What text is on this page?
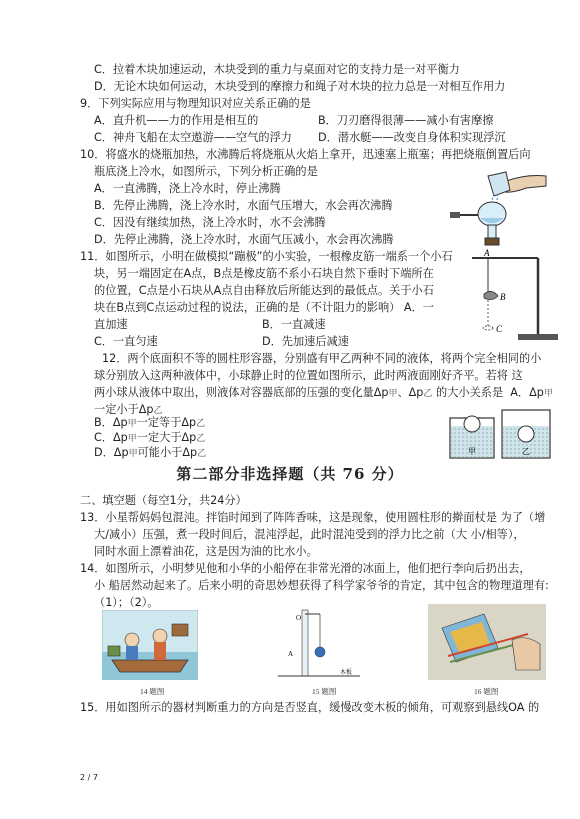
C．拉着木块加速运动，木块受到的重力与桌面对它的支持力是一对平衡力
D．无论木块如何运动，木块受到的摩擦力和绳子对木块的拉力总是一对相互作用力
9．下列实际应用与物理知识对应关系正确的是
A．直升机——力的作用是相互的	B．刀刃磨得很薄——减小有害摩擦
C．神舟飞船在太空遨游——空气的浮力 D．潜水艇——改变自身体积实现浮沉
10．将盛水的烧瓶加热，水沸腾后将烧瓶从火焰上拿开，迅速塞上瓶塞；再把烧瓶倒置后向
瓶底浇上冷水，如图所示，下列分析正确的是
A．一直沸腾，浇上冷水时，停止沸腾
B．先停止沸腾，浇上冷水时，水面气压增大，水会再次沸腾
C．因没有继续加热，浇上冷水时，水不会沸腾
D．先停止沸腾，浇上冷水时，水面气压减小，水会再次沸腾
11．如图所示，小明在做模拟“蹦极”的小实验，一根橡皮筋一端系一个小石
块，另一端固定在A点，B点是橡皮筋不系小石块自然下垂时下端所在
的位置，C点是小石块从A点自由释放后所能达到的最低点。关于小石
块在B点到C点运动过程的说法，正确的是（不计阻力的影响） A．一
直加速	B．一直减速
C．一直匀速	D．先加速后减速
A
B
C
12．两个底面积不等的圆柱形容器，分别盛有甲乙两种不同的液体，将两个完全相同的小
球分别放入这两种液体中，小球静止时的位置如图所示，此时两液面刚好齐平。若将 这
两小球从液体中取出，则液体对容器底部的压强的变化量Δp甲、Δp乙 的大小关系是 A．Δp甲
一定小于Δp乙
B．Δp甲一定等于Δp乙
C．Δp甲一定大于Δp乙
D．Δp甲可能小于Δp乙	甲	乙
第二部分非选择题（共 76 分）
二、填空题（每空1分，共24分）
13．小星帮妈妈包混沌。拌馅时闻到了阵阵香味，这是现象，使用圆柱形的擀面杖是 为了（增
大/减小）压强，煮一段时间后，混沌浮起，此时混沌受到的浮力比之前（大 小/相等），
同时水面上漂着油花，这是因为油的比水小。
14．如图所示，小明梦见他和小华的小船停在非常光滑的冰面上，他们把行李向后扔出去，
小 船居然动起来了。后来小明的奇思妙想获得了科学家爷爷的肯定，其中包含的物理道理有:
（1）；（2）。
14 题图
O
A
木板
15 题图	16 题图
15．用如图所示的器材判断重力的方向是否竖直，缓慢改变木板的倾角，可观察到悬线OA 的
2 / 7
